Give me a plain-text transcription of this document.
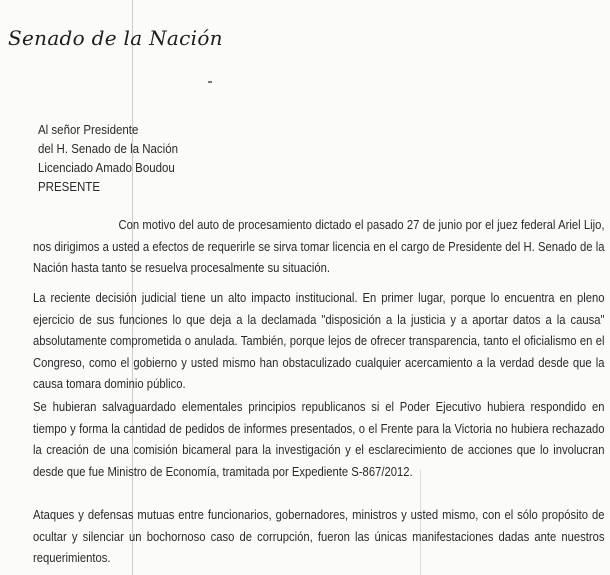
Senado de la Nación
Al señor Presidente
del H. Senado de la Nación
Licenciado Amado Boudou
PRESENTE

Con motivo del auto de procesamiento dictado el pasado 27 de junio por el juez federal Ariel Lijo, nos dirigimos a usted a efectos de requerirle se sirva tomar licencia en el cargo de Presidente del H. Senado de la Nación hasta tanto se resuelva procesalmente su situación.

La reciente decisión judicial tiene un alto impacto institucional. En primer lugar, porque lo encuentra en pleno ejercicio de sus funciones lo que deja a la declamada "disposición a la justicia y a aportar datos a la causa" absolutamente comprometida o anulada. También, porque lejos de ofrecer transparencia, tanto el oficialismo en el Congreso, como el gobierno y usted mismo han obstaculizado cualquier acercamiento a la verdad desde que la causa tomara dominio público.

Se hubieran salvaguardado elementales principios republicanos si el Poder Ejecutivo hubiera respondido en tiempo y forma la cantidad de pedidos de informes presentados, o el Frente para la Victoria no hubiera rechazado la creación de una comisión bicameral para la investigación y el esclarecimiento de acciones que lo involucran desde que fue Ministro de Economía, tramitada por Expediente S-867/2012.

Ataques y defensas mutuas entre funcionarios, gobernadores, ministros y usted mismo, con el sólo propósito de ocultar y silenciar un bochornoso caso de corrupción, fueron las únicas manifestaciones dadas ante nuestros requerimientos.
